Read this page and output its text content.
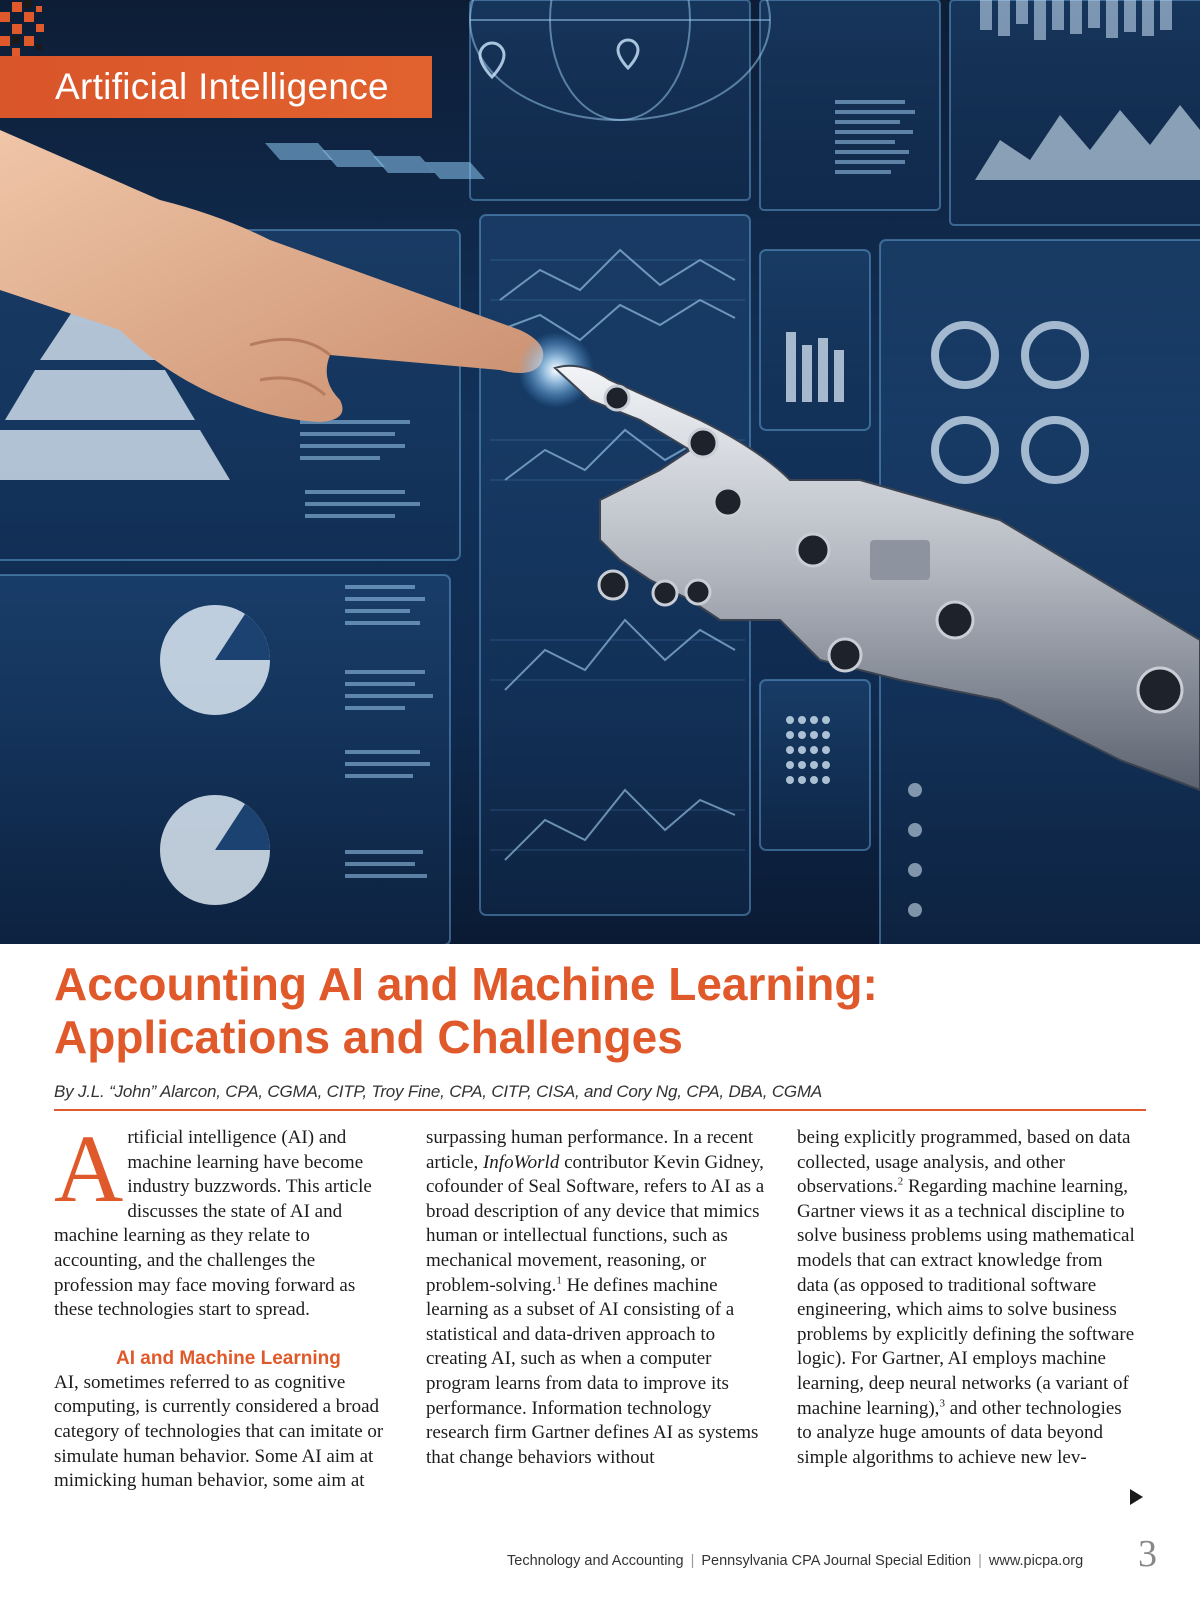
Artificial Intelligence
Accounting AI and Machine Learning: Applications and Challenges
By J.L. “John” Alarcon, CPA, CGMA, CITP, Troy Fine, CPA, CITP, CISA, and Cory Ng, CPA, DBA, CGMA

Artificial intelligence (AI) and machine learning have become industry buzzwords. This article discusses the state of AI and machine learning as they relate to accounting, and the challenges the profession may face moving forward as these technologies start to spread.

AI and Machine Learning

AI, sometimes referred to as cognitive computing, is currently considered a broad category of technologies that can imitate or simulate human behavior. Some AI aim at mimicking human behavior, some aim at

surpassing human performance. In a recent article, InfoWorld contributor Kevin Gidney, cofounder of Seal Software, refers to AI as a broad description of any device that mimics human or intellectual functions, such as mechanical movement, reasoning, or problem-solving.$^1$ He defines machine learning as a subset of AI consisting of a statistical and data-driven approach to creating AI, such as when a computer program learns from data to improve its performance. Information technology research firm Gartner defines AI as systems that change behaviors without

being explicitly programmed, based on data collected, usage analysis, and other observations.$^2$ Regarding machine learning, Gartner views it as a technical discipline to solve business problems using mathematical models that can extract knowledge from data (as opposed to traditional software engineering, which aims to solve business problems by explicitly defining the software logic). For Gartner, AI employs machine learning, deep neural networks (a variant of machine learning),$^3$ and other technologies to analyze huge amounts of data beyond simple algorithms to achieve new lev-

Technology and Accounting | Pennsylvania CPA Journal Special Edition | www.picpa.org 3
